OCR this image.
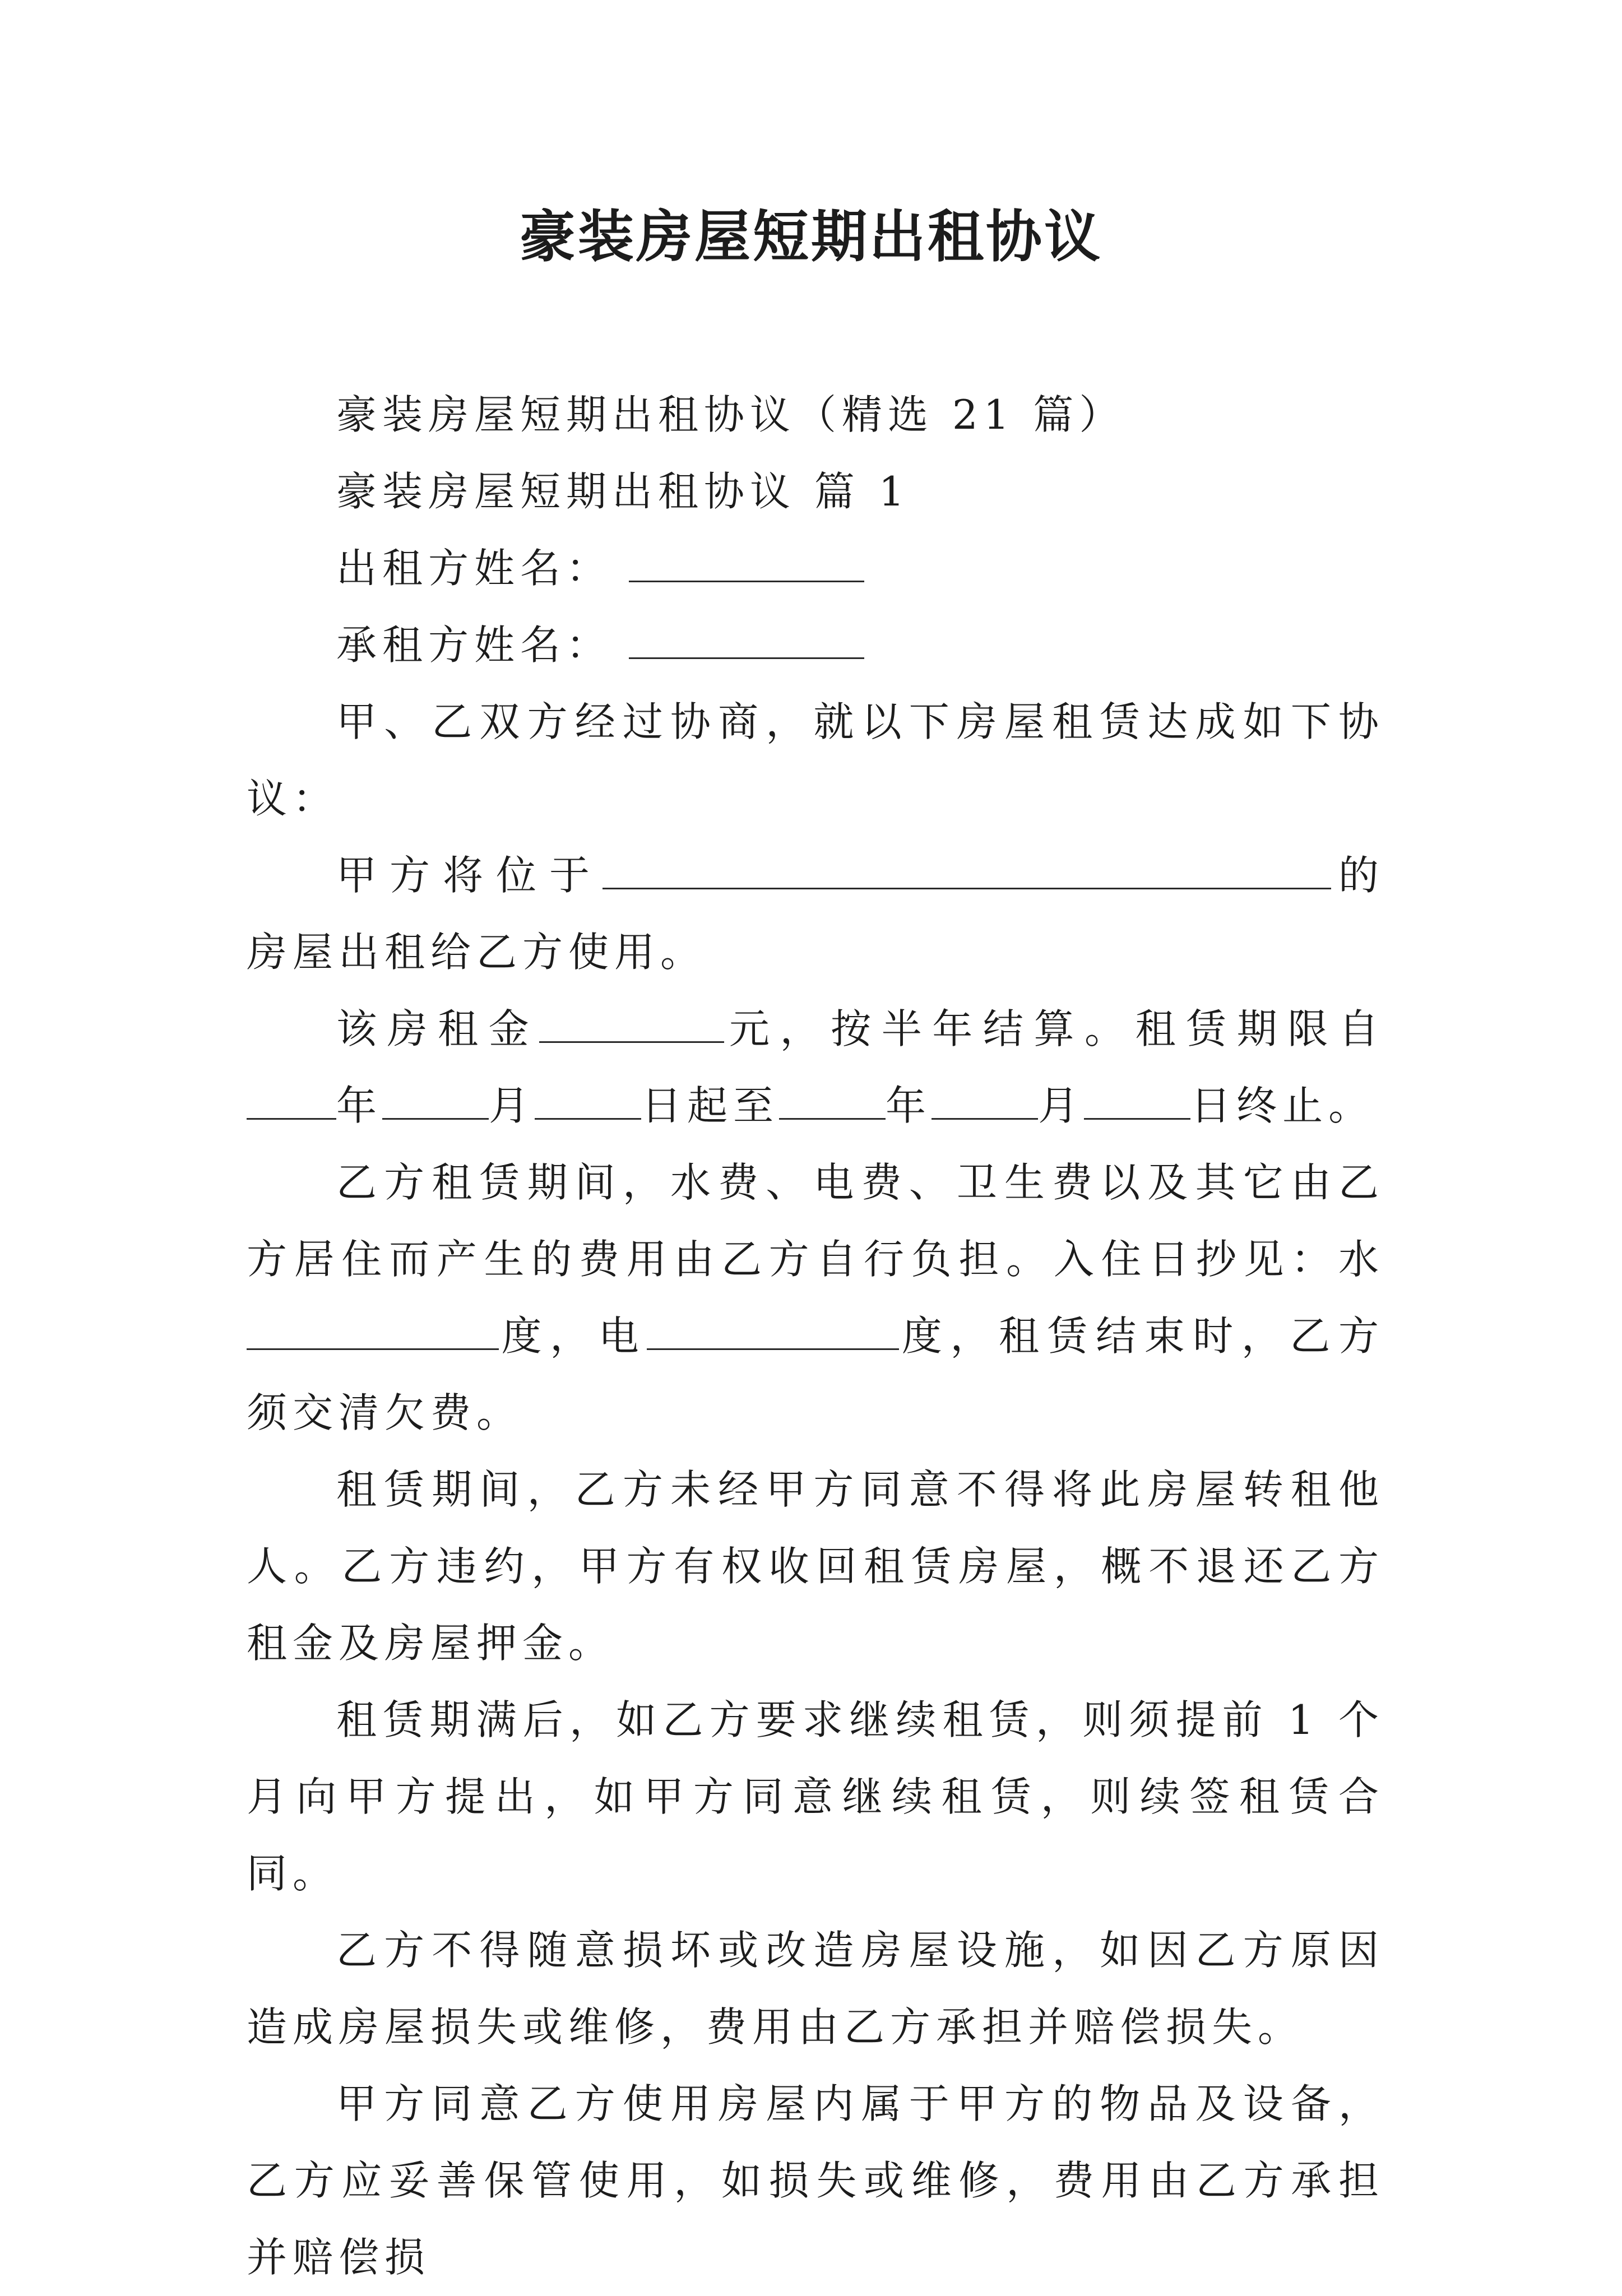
豪装房屋短期出租协议

豪装房屋短期出租协议（精选 21 篇）

豪装房屋短期出租协议 篇 1

出租方姓名：

承租方姓名：

甲、乙双方经过协商，就以下房屋租赁达成如下协议：

甲方将位于	的房屋出租给乙方使用。

该房租金	元，按半年结算。租赁期限自年	月	日起至	年	月	日终止。

乙方租赁期间，水费、电费、卫生费以及其它由乙方居住而产生的费用由乙方自行负担。入住日抄见：水度，电	度，租赁结束时，乙方须交清欠费。

租赁期间，乙方未经甲方同意不得将此房屋转租他人。乙方违约，甲方有权收回租赁房屋，概不退还乙方租金及房屋押金。

租赁期满后，如乙方要求继续租赁，则须提前 1 个月向甲方提出，如甲方同意继续租赁，则续签租赁合同。

乙方不得随意损坏或改造房屋设施，如因乙方原因造成房屋损失或维修，费用由乙方承担并赔偿损失。

甲方同意乙方使用房屋内属于甲方的物品及设备，乙方应妥善保管使用，如损失或维修，费用由乙方承担并赔偿损
